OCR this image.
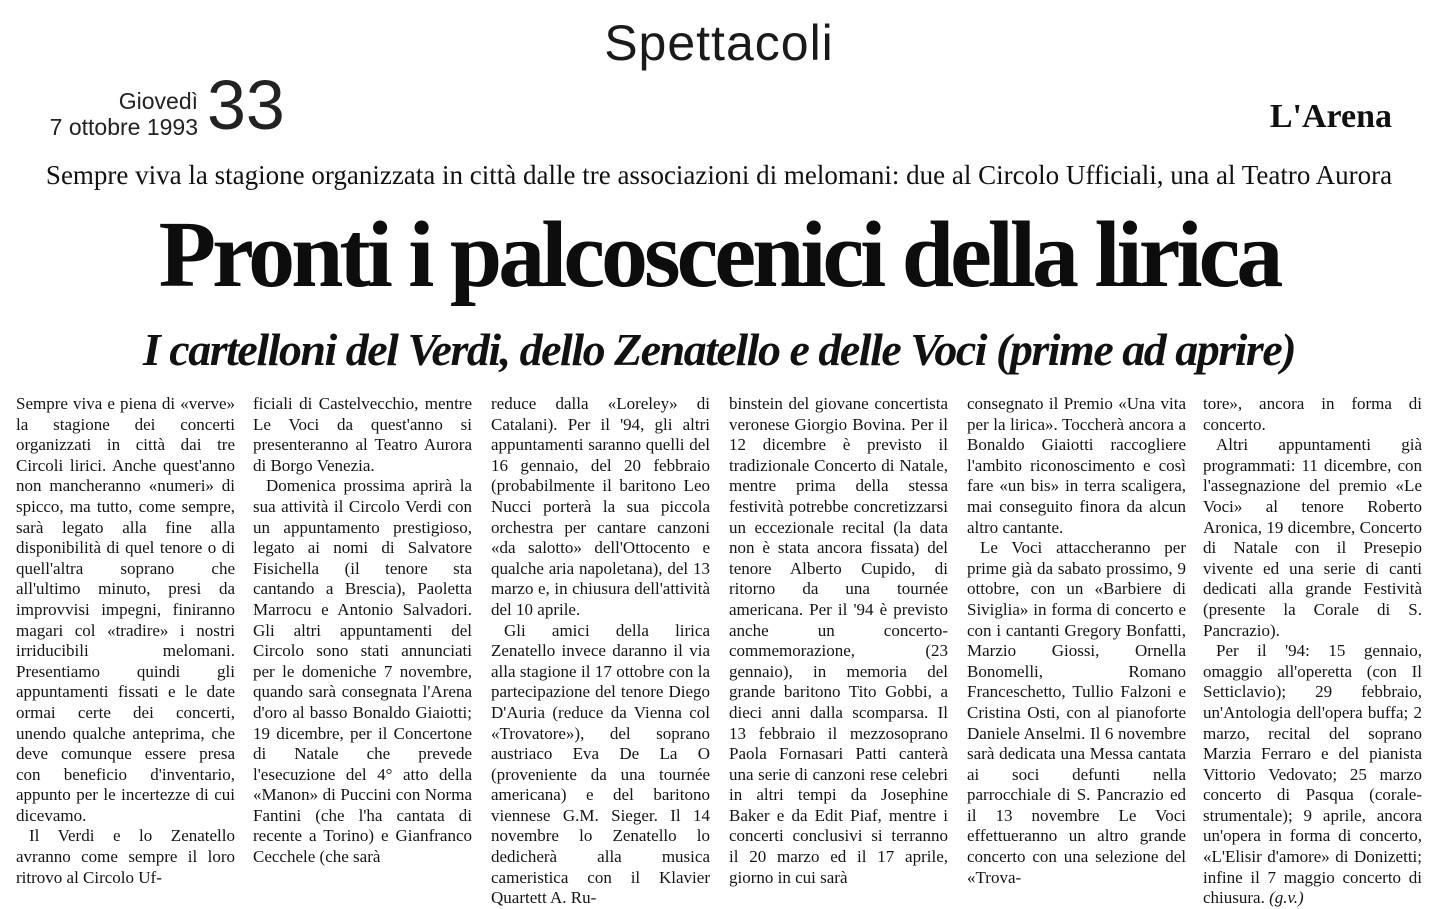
Spettacoli
Giovedì
7 ottobre 1993 33	L'Arena
Sempre viva la stagione organizzata in città dalle tre associazioni di melomani: due al Circolo Ufficiali, una al Teatro Aurora
Pronti i palcoscenici della lirica
I cartelloni del Verdi, dello Zenatello e delle Voci (prime ad aprire)

Sempre viva e piena di «verve» la stagione dei concerti organizzati in città dai tre Circoli lirici. Anche quest'anno non mancheranno «numeri» di spicco, ma tutto, come sempre, sarà legato alla fine alla disponibilità di quel tenore o di quell'altra soprano che all'ultimo minuto, presi da improvvisi impegni, finiranno magari col «tradire» i nostri irriducibili melomani. Presentiamo quindi gli appuntamenti fissati e le date ormai certe dei concerti, unendo qualche anteprima, che deve comunque essere presa con beneficio d'inventario, appunto per le incertezze di cui dicevamo.

Il Verdi e lo Zenatello avranno come sempre il loro ritrovo al Circolo Uf-

ficiali di Castelvecchio, mentre Le Voci da quest'anno si presenteranno al Teatro Aurora di Borgo Venezia.

Domenica prossima aprirà la sua attività il Circolo Verdi con un appuntamento prestigioso, legato ai nomi di Salvatore Fisichella (il tenore sta cantando a Brescia), Paoletta Marrocu e Antonio Salvadori. Gli altri appuntamenti del Circolo sono stati annunciati per le domeniche 7 novembre, quando sarà consegnata l'Arena d'oro al basso Bonaldo Giaiotti; 19 dicembre, per il Concertone di Natale che prevede l'esecuzione del 4° atto della «Manon» di Puccini con Norma Fantini (che l'ha cantata di recente a Torino) e Gianfranco Cecchele (che sarà

reduce dalla «Loreley» di Catalani). Per il '94, gli altri appuntamenti saranno quelli del 16 gennaio, del 20 febbraio (probabilmente il baritono Leo Nucci porterà la sua piccola orchestra per cantare canzoni «da salotto» dell'Ottocento e qualche aria napoletana), del 13 marzo e, in chiusura dell'attività del 10 aprile.

Gli amici della lirica Zenatello invece daranno il via alla stagione il 17 ottobre con la partecipazione del tenore Diego D'Auria (reduce da Vienna col «Trovatore»), del soprano austriaco Eva De La O (proveniente da una tournée americana) e del baritono viennese G.M. Sieger. Il 14 novembre lo Zenatello lo dedicherà alla musica cameristica con il Klavier Quartett A. Ru-

binstein del giovane concertista veronese Giorgio Bovina. Per il 12 dicembre è previsto il tradizionale Concerto di Natale, mentre prima della stessa festività potrebbe concretizzarsi un eccezionale recital (la data non è stata ancora fissata) del tenore Alberto Cupido, di ritorno da una tournée americana. Per il '94 è previsto anche un concerto-commemorazione, (23 gennaio), in memoria del grande baritono Tito Gobbi, a dieci anni dalla scomparsa. Il 13 febbraio il mezzosoprano Paola Fornasari Patti canterà una serie di canzoni rese celebri in altri tempi da Josephine Baker e da Edit Piaf, mentre i concerti conclusivi si terranno il 20 marzo ed il 17 aprile, giorno in cui sarà

consegnato il Premio «Una vita per la lirica». Toccherà ancora a Bonaldo Giaiotti raccogliere l'ambito riconoscimento e così fare «un bis» in terra scaligera, mai conseguito finora da alcun altro cantante.

Le Voci attaccheranno per prime già da sabato prossimo, 9 ottobre, con un «Barbiere di Siviglia» in forma di concerto e con i cantanti Gregory Bonfatti, Marzio Giossi, Ornella Bonomelli, Romano Franceschetto, Tullio Falzoni e Cristina Osti, con al pianoforte Daniele Anselmi. Il 6 novembre sarà dedicata una Messa cantata ai soci defunti nella parrocchiale di S. Pancrazio ed il 13 novembre Le Voci effettueranno un altro grande concerto con una selezione del «Trova-

tore», ancora in forma di concerto.

Altri appuntamenti già programmati: 11 dicembre, con l'assegnazione del premio «Le Voci» al tenore Roberto Aronica, 19 dicembre, Concerto di Natale con il Presepio vivente ed una serie di canti dedicati alla grande Festività (presente la Corale di S. Pancrazio).

Per il '94: 15 gennaio, omaggio all'operetta (con Il Setticlavio); 29 febbraio, un'Antologia dell'opera buffa; 2 marzo, recital del soprano Marzia Ferraro e del pianista Vittorio Vedovato; 25 marzo concerto di Pasqua (corale-strumentale); 9 aprile, ancora un'opera in forma di concerto, «L'Elisir d'amore» di Donizetti; infine il 7 maggio concerto di chiusura. (g.v.)
